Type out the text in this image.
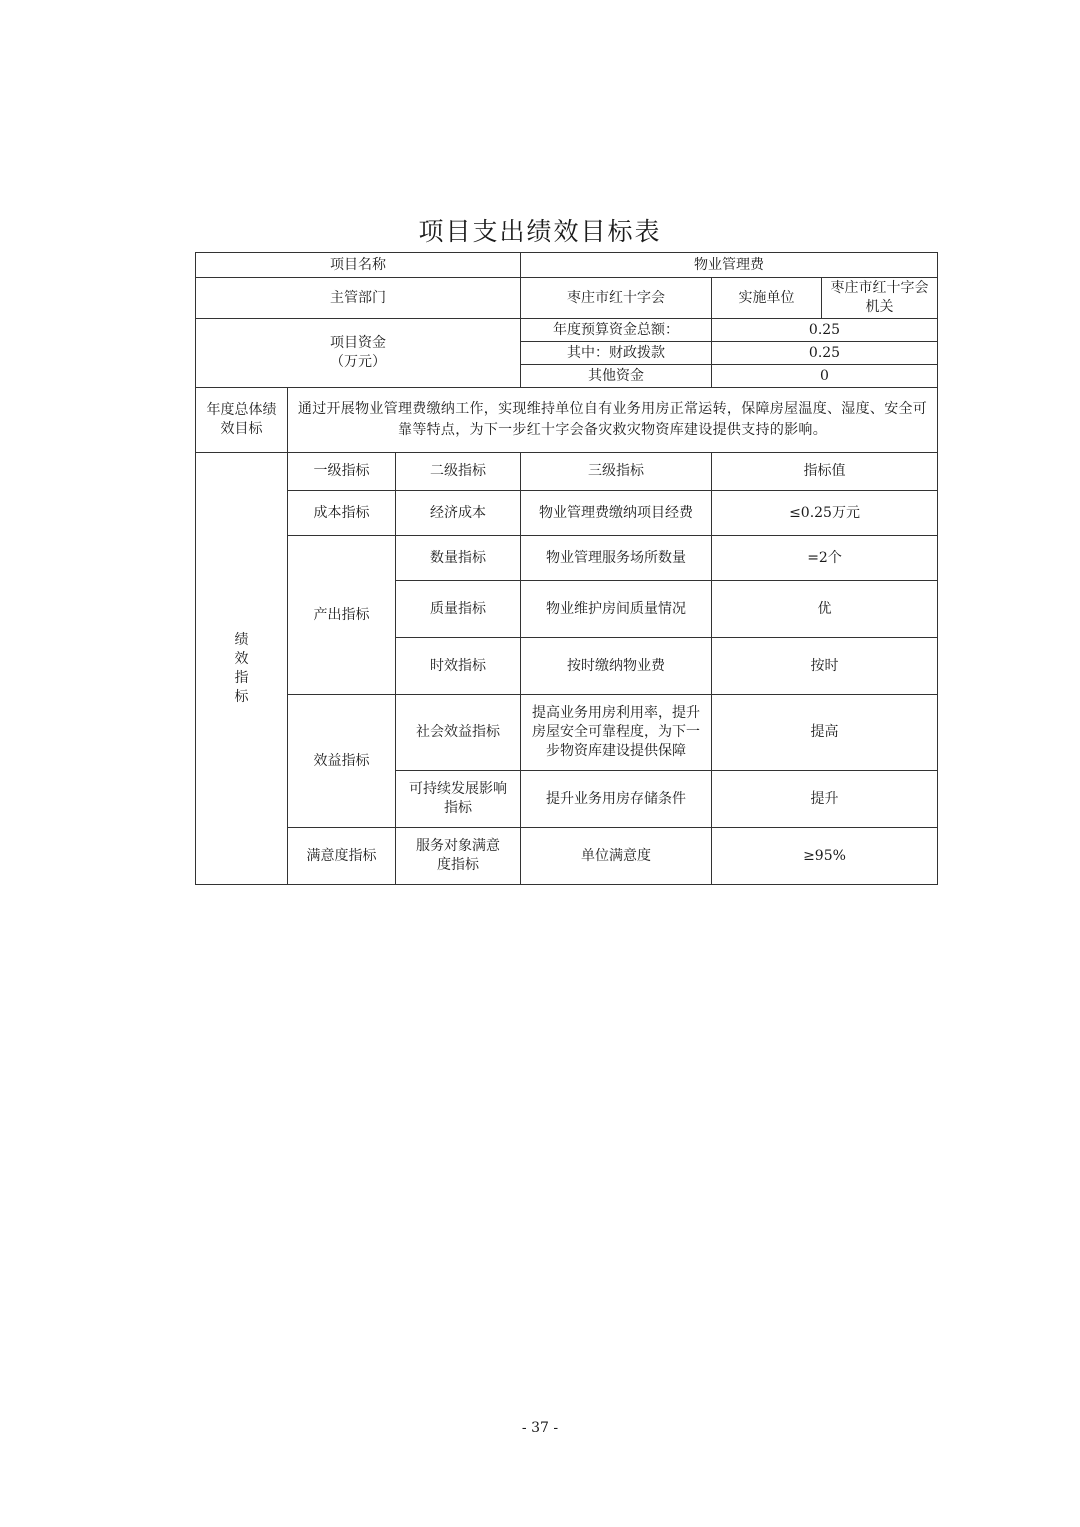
项目支出绩效目标表
项目名称			物业管理费		
主管部门			枣庄市红十字会	实施单位	枣庄市红十字会机关

项目资金
（万元）			年度预算资金总额：	0.25	
			其中：财政拨款	0.25	
			其他资金	0	
年度总体绩效目标	通过开展物业管理费缴纳工作，实现维持单位自有业务用房正常运转，保障房屋温度、湿度、安全可靠等特点，为下一步红十字会备灾救灾物资库建设提供支持的影响。				

绩效指标	一级指标	二级指标	三级指标	指标值	
	成本指标	经济成本	物业管理费缴纳项目经费	≤0.25万元	
	产出指标	数量指标	物业管理服务场所数量	=2个	
		质量指标	物业维护房间质量情况	优	
		时效指标	按时缴纳物业费	按时	
	效益指标	社会效益指标	提高业务用房利用率，提升房屋安全可靠程度，为下一步物资库建设提供保障	提高	
		可持续发展影响指标	提升业务用房存储条件	提升	
	满意度指标	服务对象满意度指标	单位满意度	≥95%	
- 37 -
